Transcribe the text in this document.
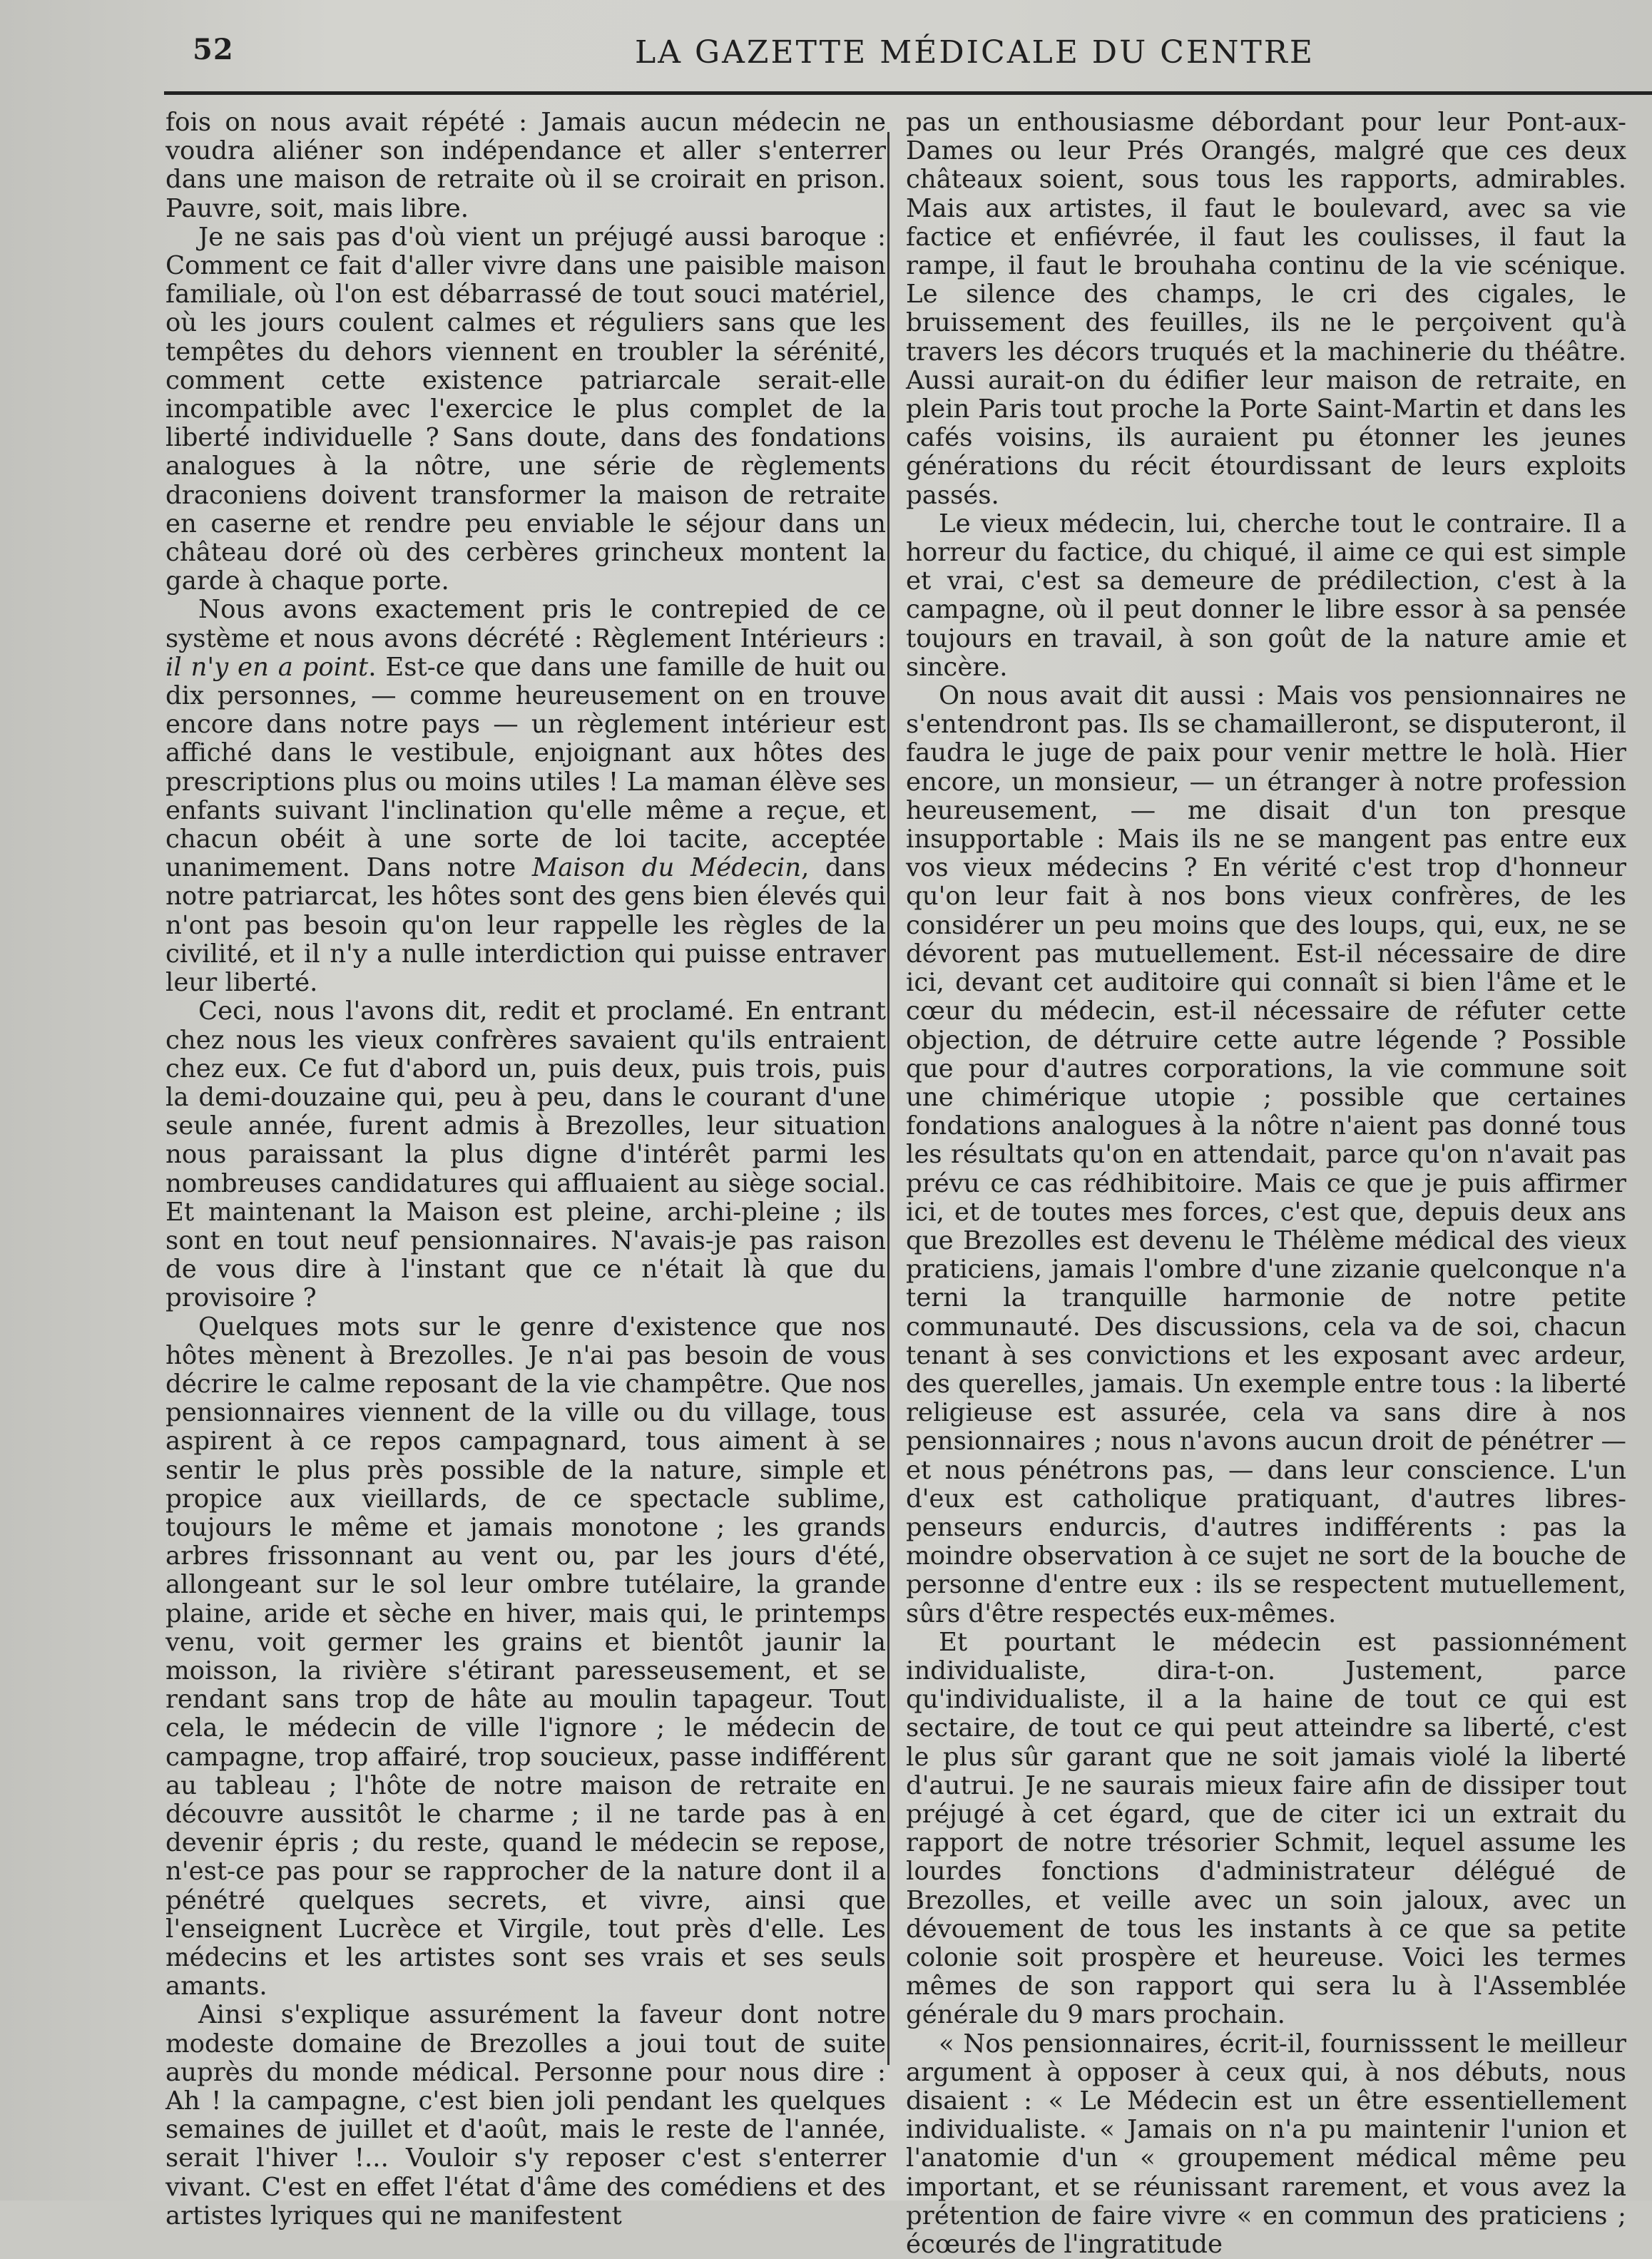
52	LA GAZETTE MÉDICALE DU CENTRE

fois on nous avait répété : Jamais aucun médecin ne voudra aliéner son indépendance et aller s'enterrer dans une maison de retraite où il se croirait en prison. Pauvre, soit, mais libre.

Je ne sais pas d'où vient un préjugé aussi baroque : Comment ce fait d'aller vivre dans une paisible maison familiale, où l'on est débarrassé de tout souci matériel, où les jours coulent calmes et réguliers sans que les tempêtes du dehors viennent en troubler la sérénité, comment cette existence patriarcale serait-elle incompatible avec l'exercice le plus complet de la liberté individuelle ? Sans doute, dans des fondations analogues à la nôtre, une série de règlements draconiens doivent transformer la maison de retraite en caserne et rendre peu enviable le séjour dans un château doré où des cerbères grincheux montent la garde à chaque porte.

Nous avons exactement pris le contrepied de ce système et nous avons décrété : Règlement Intérieurs : il n'y en a point. Est-ce que dans une famille de huit ou dix personnes, — comme heureusement on en trouve encore dans notre pays — un règlement intérieur est affiché dans le vestibule, enjoignant aux hôtes des prescriptions plus ou moins utiles ! La maman élève ses enfants suivant l'inclination qu'elle même a reçue, et chacun obéit à une sorte de loi tacite, acceptée unanimement. Dans notre Maison du Médecin, dans notre patriarcat, les hôtes sont des gens bien élevés qui n'ont pas besoin qu'on leur rappelle les règles de la civilité, et il n'y a nulle interdiction qui puisse entraver leur liberté.

Ceci, nous l'avons dit, redit et proclamé. En entrant chez nous les vieux confrères savaient qu'ils entraient chez eux. Ce fut d'abord un, puis deux, puis trois, puis la demi-douzaine qui, peu à peu, dans le courant d'une seule année, furent admis à Brezolles, leur situation nous paraissant la plus digne d'intérêt parmi les nombreuses candidatures qui affluaient au siège social. Et maintenant la Maison est pleine, archi-pleine ; ils sont en tout neuf pensionnaires. N'avais-je pas raison de vous dire à l'instant que ce n'était là que du provisoire ?

Quelques mots sur le genre d'existence que nos hôtes mènent à Brezolles. Je n'ai pas besoin de vous décrire le calme reposant de la vie champêtre. Que nos pensionnaires viennent de la ville ou du village, tous aspirent à ce repos campagnard, tous aiment à se sentir le plus près possible de la nature, simple et propice aux vieillards, de ce spectacle sublime, toujours le même et jamais monotone ; les grands arbres frissonnant au vent ou, par les jours d'été, allongeant sur le sol leur ombre tutélaire, la grande plaine, aride et sèche en hiver, mais qui, le printemps venu, voit germer les grains et bientôt jaunir la moisson, la rivière s'étirant paresseusement, et se rendant sans trop de hâte au moulin tapageur. Tout cela, le médecin de ville l'ignore ; le médecin de campagne, trop affairé, trop soucieux, passe indifférent au tableau ; l'hôte de notre maison de retraite en découvre aussitôt le charme ; il ne tarde pas à en devenir épris ; du reste, quand le médecin se repose, n'est-ce pas pour se rapprocher de la nature dont il a pénétré quelques secrets, et vivre, ainsi que l'enseignent Lucrèce et Virgile, tout près d'elle. Les médecins et les artistes sont ses vrais et ses seuls amants.

Ainsi s'explique assurément la faveur dont notre modeste domaine de Brezolles a joui tout de suite auprès du monde médical. Personne pour nous dire : Ah ! la campagne, c'est bien joli pendant les quelques semaines de juillet et d'août, mais le reste de l'année, serait l'hiver !... Vouloir s'y reposer c'est s'enterrer vivant. C'est en effet l'état d'âme des comédiens et des artistes lyriques qui ne manifestent

pas un enthousiasme débordant pour leur Pont-aux-Dames ou leur Prés Orangés, malgré que ces deux châteaux soient, sous tous les rapports, admirables. Mais aux artistes, il faut le boulevard, avec sa vie factice et enfiévrée, il faut les coulisses, il faut la rampe, il faut le brouhaha continu de la vie scénique. Le silence des champs, le cri des cigales, le bruissement des feuilles, ils ne le perçoivent qu'à travers les décors truqués et la machinerie du théâtre. Aussi aurait-on du édifier leur maison de retraite, en plein Paris tout proche la Porte Saint-Martin et dans les cafés voisins, ils auraient pu étonner les jeunes générations du récit étourdissant de leurs exploits passés.

Le vieux médecin, lui, cherche tout le contraire. Il a horreur du factice, du chiqué, il aime ce qui est simple et vrai, c'est sa demeure de prédilection, c'est à la campagne, où il peut donner le libre essor à sa pensée toujours en travail, à son goût de la nature amie et sincère.

On nous avait dit aussi : Mais vos pensionnaires ne s'entendront pas. Ils se chamailleront, se disputeront, il faudra le juge de paix pour venir mettre le holà. Hier encore, un monsieur, — un étranger à notre profession heureusement, — me disait d'un ton presque insupportable : Mais ils ne se mangent pas entre eux vos vieux médecins ? En vérité c'est trop d'honneur qu'on leur fait à nos bons vieux confrères, de les considérer un peu moins que des loups, qui, eux, ne se dévorent pas mutuellement. Est-il nécessaire de dire ici, devant cet auditoire qui connaît si bien l'âme et le cœur du médecin, est-il nécessaire de réfuter cette objection, de détruire cette autre légende ? Possible que pour d'autres corporations, la vie commune soit une chimérique utopie ; possible que certaines fondations analogues à la nôtre n'aient pas donné tous les résultats qu'on en attendait, parce qu'on n'avait pas prévu ce cas rédhibitoire. Mais ce que je puis affirmer ici, et de toutes mes forces, c'est que, depuis deux ans que Brezolles est devenu le Thélème médical des vieux praticiens, jamais l'ombre d'une zizanie quelconque n'a terni la tranquille harmonie de notre petite communauté. Des discussions, cela va de soi, chacun tenant à ses convictions et les exposant avec ardeur, des querelles, jamais. Un exemple entre tous : la liberté religieuse est assurée, cela va sans dire à nos pensionnaires ; nous n'avons aucun droit de pénétrer — et nous pénétrons pas, — dans leur conscience. L'un d'eux est catholique pratiquant, d'autres libres-penseurs endurcis, d'autres indifférents : pas la moindre observation à ce sujet ne sort de la bouche de personne d'entre eux : ils se respectent mutuellement, sûrs d'être respectés eux-mêmes.

Et pourtant le médecin est passionnément individualiste, dira-t-on. Justement, parce qu'individualiste, il a la haine de tout ce qui est sectaire, de tout ce qui peut atteindre sa liberté, c'est le plus sûr garant que ne soit jamais violé la liberté d'autrui. Je ne saurais mieux faire afin de dissiper tout préjugé à cet égard, que de citer ici un extrait du rapport de notre trésorier Schmit, lequel assume les lourdes fonctions d'administrateur délégué de Brezolles, et veille avec un soin jaloux, avec un dévouement de tous les instants à ce que sa petite colonie soit prospère et heureuse. Voici les termes mêmes de son rapport qui sera lu à l'Assemblée générale du 9 mars prochain.

« Nos pensionnaires, écrit-il, fournisssent le meilleur argument à opposer à ceux qui, à nos débuts, nous disaient : « Le Médecin est un être essentiellement individualiste. « Jamais on n'a pu maintenir l'union et l'anatomie d'un « groupement médical même peu important, et se réunissant rarement, et vous avez la prétention de faire vivre « en commun des praticiens ; écœurés de l'ingratitude
